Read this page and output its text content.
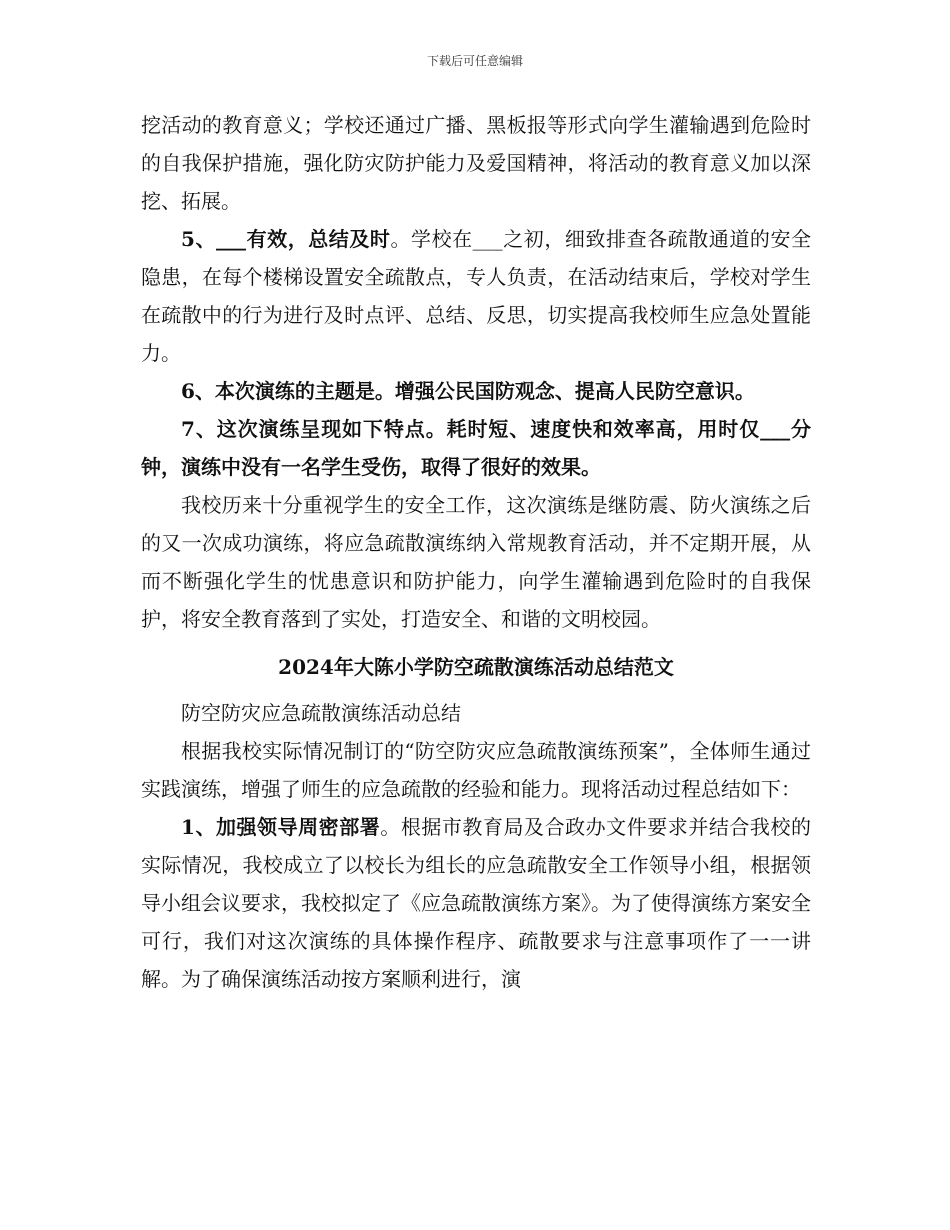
下载后可任意编辑

挖活动的教育意义；学校还通过广播、黑板报等形式向学生灌输遇到危险时的自我保护措施，强化防灾防护能力及爱国精神，将活动的教育意义加以深挖、拓展。

5、___有效，总结及时。学校在___之初，细致排查各疏散通道的安全隐患，在每个楼梯设置安全疏散点，专人负责，在活动结束后，学校对学生在疏散中的行为进行及时点评、总结、反思，切实提高我校师生应急处置能力。

6、本次演练的主题是。增强公民国防观念、提高人民防空意识。

7、这次演练呈现如下特点。耗时短、速度快和效率高，用时仅___分钟，演练中没有一名学生受伤，取得了很好的效果。

我校历来十分重视学生的安全工作，这次演练是继防震、防火演练之后的又一次成功演练，将应急疏散演练纳入常规教育活动，并不定期开展，从而不断强化学生的忧患意识和防护能力，向学生灌输遇到危险时的自我保护，将安全教育落到了实处，打造安全、和谐的文明校园。

2024年大陈小学防空疏散演练活动总结范文

防空防灾应急疏散演练活动总结

根据我校实际情况制订的“防空防灾应急疏散演练预案”，全体师生通过实践演练，增强了师生的应急疏散的经验和能力。现将活动过程总结如下：

1、加强领导周密部署。根据市教育局及合政办文件要求并结合我校的实际情况，我校成立了以校长为组长的应急疏散安全工作领导小组，根据领导小组会议要求，我校拟定了《应急疏散演练方案》。为了使得演练方案安全可行，我们对这次演练的具体操作程序、疏散要求与注意事项作了一一讲解。为了确保演练活动按方案顺利进行，演
